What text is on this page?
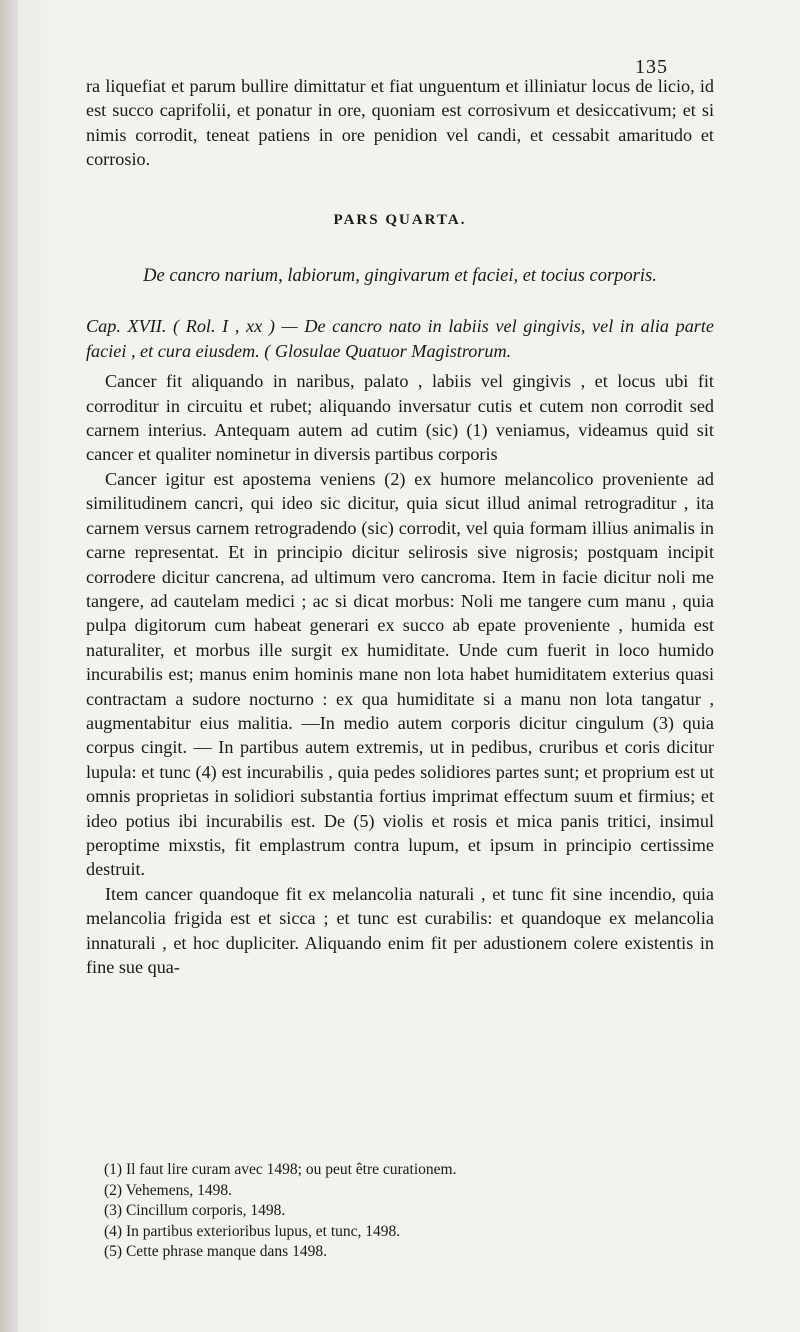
135

ra liquefiat et parum bullire dimittatur et fiat unguentum et illiniatur locus de licio, id est succo caprifolii, et ponatur in ore, quoniam est corrosivum et desiccativum; et si nimis corrodit, teneat patiens in ore penidion vel candi, et cessabit amaritudo et corrosio.

PARS QUARTA.

De cancro narium, labiorum, gingivarum et faciei, et tocius corporis.

Cap. XVII. ( Rol. I , xx ) — De cancro nato in labiis vel gingivis, vel in alia parte faciei , et cura eiusdem. ( Glosulae Quatuor Magistrorum.

Cancer fit aliquando in naribus, palato , labiis vel gingivis , et locus ubi fit corroditur in circuitu et rubet; aliquando inversatur cutis et cutem non corrodit sed carnem interius. Antequam autem ad cutim (sic) (1) veniamus, videamus quid sit cancer et qualiter nominetur in diversis partibus corporis

Cancer igitur est apostema veniens (2) ex humore melancolico proveniente ad similitudinem cancri, qui ideo sic dicitur, quia sicut illud animal retrograditur , ita carnem versus carnem retrogradendo (sic) corrodit, vel quia formam illius animalis in carne representat. Et in principio dicitur selirosis sive nigrosis; postquam incipit corrodere dicitur cancrena, ad ultimum vero cancroma. Item in facie dicitur noli me tangere, ad cautelam medici ; ac si dicat morbus: Noli me tangere cum manu , quia pulpa digitorum cum habeat generari ex succo ab epate proveniente , humida est naturaliter, et morbus ille surgit ex humiditate. Unde cum fuerit in loco humido incurabilis est; manus enim hominis mane non lota habet humiditatem exterius quasi contractam a sudore nocturno : ex qua humiditate si a manu non lota tangatur , augmentabitur eius malitia. —In medio autem corporis dicitur cingulum (3) quia corpus cingit. — In partibus autem extremis, ut in pedibus, cruribus et coris dicitur lupula: et tunc (4) est incurabilis , quia pedes solidiores partes sunt; et proprium est ut omnis proprietas in solidiori substantia fortius imprimat effectum suum et firmius; et ideo potius ibi incurabilis est. De (5) violis et rosis et mica panis tritici, insimul peroptime mixstis, fit emplastrum contra lupum, et ipsum in principio certissime destruit.

Item cancer quandoque fit ex melancolia naturali , et tunc fit sine incendio, quia melancolia frigida est et sicca ; et tunc est curabilis: et quandoque ex melancolia innaturali , et hoc dupliciter. Aliquando enim fit per adustionem colere existentis in fine sue qua-

(1) Il faut lire curam avec 1498; ou peut être curationem.

(2) Vehemens, 1498.

(3) Cincillum corporis, 1498.

(4) In partibus exterioribus lupus, et tunc, 1498.

(5) Cette phrase manque dans 1498.
